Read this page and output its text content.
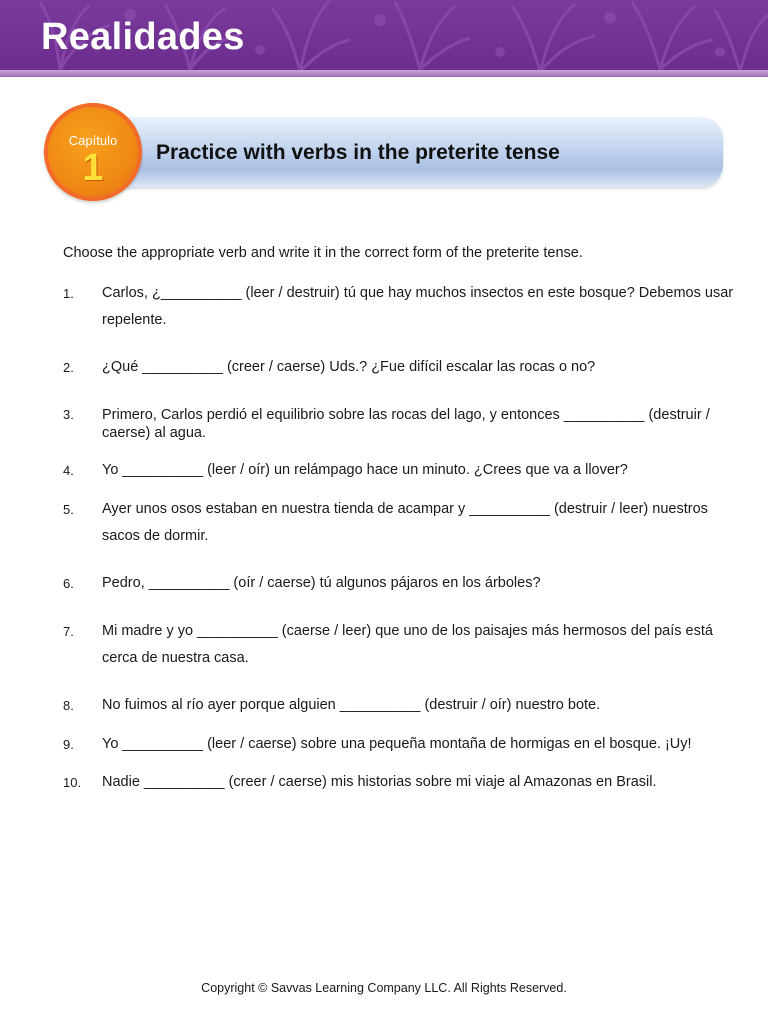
Realidades
Practice with verbs in the preterite tense
Capítulo
1
Choose the appropriate verb and write it in the correct form of the preterite tense.
1. Carlos, ¿__________ (leer / destruir) tú que hay muchos insectos en este bosque? Debemos usar repelente.
2. ¿Qué __________ (creer / caerse) Uds.? ¿Fue difícil escalar las rocas o no?
3. Primero, Carlos perdió el equilibrio sobre las rocas del lago, y entonces __________ (destruir / caerse) al agua.
4. Yo __________ (leer / oír) un relámpago hace un minuto. ¿Crees que va a llover?
5. Ayer unos osos estaban en nuestra tienda de acampar y __________ (destruir / leer) nuestros sacos de dormir.
6. Pedro, __________ (oír / caerse) tú algunos pájaros en los árboles?
7. Mi madre y yo __________ (caerse / leer) que uno de los paisajes más hermosos del país está cerca de nuestra casa.
8. No fuimos al río ayer porque alguien __________ (destruir / oír) nuestro bote.
9. Yo __________ (leer / caerse) sobre una pequeña montaña de hormigas en el bosque. ¡Uy!
10. Nadie __________ (creer / caerse) mis historias sobre mi viaje al Amazonas en Brasil.
Copyright © Savvas Learning Company LLC. All Rights Reserved.
